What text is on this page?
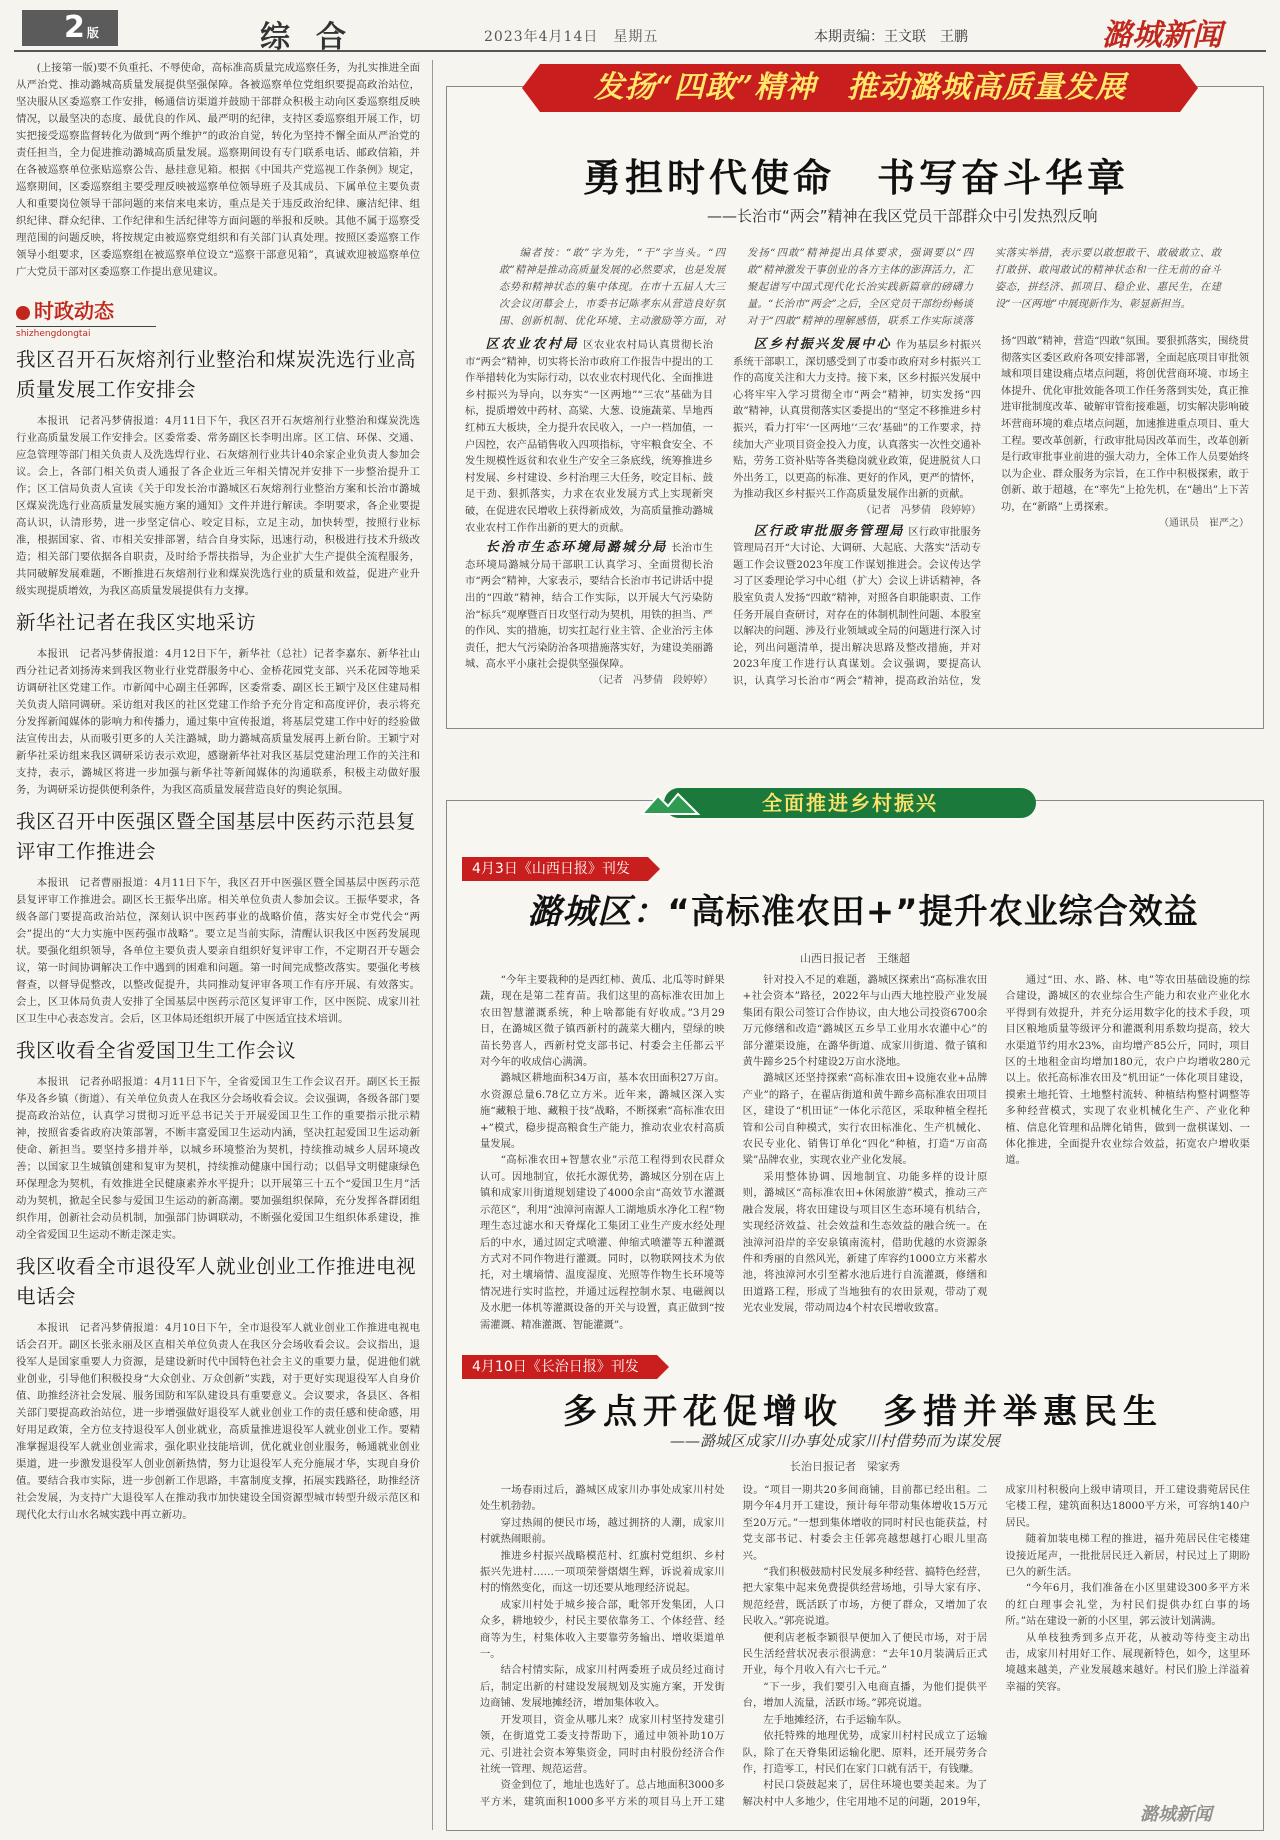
2 版	综合	2023年4月14日　星期五	本期责编：王文联　王鹏	潞城新闻

(上接第一版)要不负重托、不辱使命，高标准高质量完成巡察任务，为扎实推进全面从严治党、推动潞城高质量发展提供坚强保障。各被巡察单位党组织要提高政治站位，坚决服从区委巡察工作安排，畅通信访渠道并鼓励干部群众积极主动向区委巡察组反映情况，以最坚决的态度、最优良的作风、最严明的纪律，支持区委巡察组开展工作，切实把接受巡察监督转化为做到“两个维护”的政治自觉，转化为坚持不懈全面从严治党的责任担当，全力促进推动潞城高质量发展。巡察期间设有专门联系电话、邮政信箱，并在各被巡察单位张贴巡察公告、悬挂意见箱。根据《中国共产党巡视工作条例》规定，巡察期间，区委巡察组主要受理反映被巡察单位领导班子及其成员、下属单位主要负责人和重要岗位领导干部问题的来信来电来访，重点是关于违反政治纪律、廉洁纪律、组织纪律、群众纪律、工作纪律和生活纪律等方面问题的举报和反映。其他不属于巡察受理范围的问题反映，将按规定由被巡察党组织和有关部门认真处理。按照区委巡察工作领导小组要求，区委巡察组在被巡察单位设立“巡察干部意见箱”，真诚欢迎被巡察单位广大党员干部对区委巡察工作提出意见建议。

时政动态
shizhengdongtai
我区召开石灰熔剂行业整治和煤炭洗选行业高质量发展工作安排会

本报讯　记者冯梦倩报道：4月11日下午，我区召开石灰熔剂行业整治和煤炭洗选行业高质量发展工作安排会。区委常委、常务副区长李明出席。区工信、环保、交通、应急管理等部门相关负责人及洗选焊行业、石灰熔剂行业共计40余家企业负责人参加会议。会上，各部门相关负责人通报了各企业近三年相关情况并安排下一步整治提升工作；区工信局负责人宣读《关于印发长治市潞城区石灰熔剂行业整治方案和长治市潞城区煤炭洗选行业高质量发展实施方案的通知》文件并进行解读。李明要求，各企业要提高认识，认清形势，进一步坚定信心、咬定目标，立足主动，加快转型，按照行业标准，根据国家、省、市相关安排部署，结合自身实际，迅速行动，积极进行技术升级改造；相关部门要依据各自职责，及时给予帮扶指导，为企业扩大生产提供全流程服务，共同破解发展难题，不断推进石灰熔剂行业和煤炭洗选行业的质量和效益，促进产业升级实现提质增效，为我区高质量发展提供有力支撑。

新华社记者在我区实地采访

本报讯　记者冯梦倩报道：4月12日下午，新华社（总社）记者李嘉东、新华社山西分社记者刘扬涛来到我区物业行业党群服务中心、金桥花园党支部、兴禾花园等地采访调研社区党建工作。市新闻中心副主任郭晖，区委常委、副区长王颖宁及区住建局相关负责人陪同调研。采访组对我区的社区党建工作给予充分肯定和高度评价，表示将充分发挥新闻媒体的影响力和传播力，通过集中宣传报道，将基层党建工作中好的经验做法宣传出去，从而吸引更多的人关注潞城，助力潞城高质量发展再上新台阶。王颖宁对新华社采访组来我区调研采访表示欢迎，感谢新华社对我区基层党建治理工作的关注和支持，表示，潞城区将进一步加强与新华社等新闻媒体的沟通联系，积极主动做好服务，为调研采访提供便利条件，为我区高质量发展营造良好的舆论氛围。

我区召开中医强区暨全国基层中医药示范县复评审工作推进会

本报讯　记者曹丽报道：4月11日下午，我区召开中医强区暨全国基层中医药示范县复评审工作推进会。副区长王振华出席。相关单位负责人参加会议。王振华要求，各级各部门要提高政治站位，深刻认识中医药事业的战略价值，落实好全市党代会“两会”提出的“大力实施中医药强市战略”。要立足当前实际，清醒认识我区中医药发展现状。要强化组织领导，各单位主要负责人要亲自组织好复评审工作，不定期召开专题会议，第一时间协调解决工作中遇到的困难和问题。第一时间完成整改落实。要强化考核督查，以督导促整改，以整改促提升，共同推动复评审各项工作有序开展、有效落实。会上，区卫体局负责人安排了全国基层中医药示范区复评审工作，区中医院、成家川社区卫生中心表态发言。会后，区卫体局还组织开展了中医适宜技术培训。

我区收看全省爱国卫生工作会议

本报讯　记者孙昭报道：4月11日下午，全省爱国卫生工作会议召开。副区长王振华及各乡镇（街道）、有关单位负责人在我区分会场收看会议。会议强调，各级各部门要提高政治站位，认真学习贯彻习近平总书记关于开展爱国卫生工作的重要指示批示精神，按照省委省政府决策部署，不断丰富爱国卫生运动内涵，坚决扛起爱国卫生运动新使命、新担当。要坚持多措并举，以城乡环境整治为契机，持续推动城乡人居环境改善；以国家卫生城镇创建和复审为契机，持续推动健康中国行动；以倡导文明健康绿色环保理念为契机，有效推进全民健康素养水平提升；以开展第三十五个“爱国卫生月”活动为契机，掀起全民参与爱国卫生运动的新高潮。要加强组织保障，充分发挥各群团组织作用，创新社会动员机制，加强部门协调联动，不断强化爱国卫生组织体系建设，推动全省爱国卫生运动不断走深走实。

我区收看全市退役军人就业创业工作推进电视电话会

本报讯　记者冯梦倩报道：4月10日下午，全市退役军人就业创业工作推进电视电话会召开。副区长张永丽及区直相关单位负责人在我区分会场收看会议。会议指出，退役军人是国家重要人力资源，是建设新时代中国特色社会主义的重要力量，促进他们就业创业，引导他们积极投身“大众创业、万众创新”实践，对于更好实现退役军人自身价值、助推经济社会发展、服务国防和军队建设具有重要意义。会议要求，各县区、各相关部门要提高政治站位，进一步增强做好退役军人就业创业工作的责任感和使命感，用好用足政策，全方位支持退役军人创业就业，高质量推进退役军人就业创业工作。要精准掌握退役军人就业创业需求，强化职业技能培训，优化就业创业服务，畅通就业创业渠道，进一步激发退役军人创业创新热情，努力让退役军人充分施展才华，实现自身价值。要结合我市实际，进一步创新工作思路，丰富制度支撑，拓展实践路径，助推经济社会发展，为支持广大退役军人在推动我市加快建设全国资源型城市转型升级示范区和现代化太行山水名城实践中再立新功。

勇担时代使命　书写奋斗华章
——长治市“两会”精神在我区党员干部群众中引发热烈反响

编者按：“敢”字为先，“干”字当头。“四敢”精神是推动高质量发展的必然要求，也是发展态势和精神状态的集中体现。在市十五届人大三次会议闭幕会上，市委书记陈孝东从营造良好氛围、创新机制、优化环境、主动激励等方面，对发扬“四敢”精神提出具体要求，强调要以“四敢”精神激发干事创业的各方主体的澎湃活力，汇聚起谱写中国式现代化长治实践新篇章的磅礴力量。“长治市“两会”之后，全区党员干部纷纷畅谈对于“四敢”精神的理解感悟，联系工作实际谈落实落实举措，表示要以敢想敢干、敢破敢立、敢打敢拼、敢闯敢试的精神状态和一往无前的奋斗姿态，拼经济、抓项目、稳企业、惠民生，在建设“一区两地”中展现新作为、彰显新担当。

区农业农村局 区农业农村局认真贯彻长治市“两会”精神，切实将长治市政府工作报告中提出的工作举措转化为实际行动，以农业农村现代化、全面推进乡村振兴为导向，以夯实“一区两地”“三农”基础为目标，提质增效中药材、高粱、大葱、设施蔬菜、旱地西红柿五大板块，全力提升农民收入，一户一档加值，一户因控，农产品销售收入四项指标，守牢粮食安全、不发生规模性返贫和农业生产安全三条底线，统筹推进乡村发展、乡村建设、乡村治理三大任务，咬定目标、鼓足干劲、狠抓落实，力求在农业发展方式上实现新突破，在促进农民增收上获得新成效，为高质量推动潞城农业农村工作作出新的更大的贡献。

长治市生态环境局潞城分局 长治市生态环境局潞城分局干部职工认真学习、全面贯彻长治市“两会”精神，大家表示，要结合长治市书记讲话中提出的“四敢”精神，结合工作实际，以开展大气污染防治“标兵”观摩暨百日攻坚行动为契机，用铁的担当、严的作风、实的措施，切实扛起行业主管、企业治污主体责任，把大气污染防治各项措施落实好，为建设美丽潞城、高水平小康社会提供坚强保障。
（记者　冯梦倩　段婷婷）

区乡村振兴发展中心 作为基层乡村振兴系统干部职工，深切感受到了市委市政府对乡村振兴工作的高度关注和大力支持。接下来，区乡村振兴发展中心将牢牢入学习贯彻全市“两会”精神，切实发扬“四敢”精神，认真贯彻落实区委提出的“坚定不移推进乡村振兴，看力打牢‘一区两地’‘三农’基础”的工作要求，持续加大产业项目资金投入力度，认真落实一次性交通补贴，劳务工资补贴等各类稳岗就业政策，促进脱贫人口外出务工，以更高的标准、更好的作风，更严的情怀，为推动我区乡村振兴工作高质量发展作出新的贡献。
（记者　冯梦倩　段婷婷）

区行政审批服务管理局 区行政审批服务管理局召开“大讨论、大调研、大起底、大落实”活动专题工作会议暨2023年度工作谋划推进会。会议传达学习了区委理论学习中心组（扩大）会议上讲话精神，各股室负责人发扬“四敢”精神，对照各自职能职责、工作任务开展自查研讨，对存在的体制机制性问题、本股室以解决的问题、涉及行业领域或全局的问题进行深入讨论，列出问题清单，提出解决思路及整改措施，并对2023年度工作进行认真谋划。会议强调，要提高认识，认真学习长治市“两会”精神，提高政治站位，发扬“四敢”精神，营造“四敢”氛围。要狠抓落实，围绕贯彻落实区委区政府各项安排部署，全面起底项目审批领域和项目建设痛点堵点问题，将创优营商环境、市场主体提升、优化审批效能各项工作任务落到实处，真正推进审批制度改革、破解审管衔接难题，切实解决影响破坏营商环境的难点堵点问题，加速推进重点项目、重大工程。要改革创新，行政审批局因改革而生，改革创新是行政审批事业前进的强大动力，全体工作人员要始终以为企业、群众服务为宗旨，在工作中积极探索，敢于创新、敢于超越，在“率先”上抢先机，在“趟出”上下苦功，在“新路”上勇探索。
（通讯员　崔严之）

发扬“四敢”精神　推动潞城高质量发展
全面推进乡村振兴
4月3日《山西日报》刊发
潞城区：“高标准农田+”提升农业综合效益
山西日报记者　王继超

“今年主要栽种的是西红柿、黄瓜、北瓜等时鲜果蔬，现在是第二茬育苗。我们这里的高标准农田加上农田智慧灌溉系统，种上啥都能有好收成。”3月29日，在潞城区微子镇西新村的蔬菜大棚内，望绿的映苗长势喜人，西新村党支部书记、村委会主任都云平对今年的收成信心满满。

潞城区耕地面积34万亩，基本农田面积27万亩。水资源总量6.78亿立方米。近年来，潞城区深入实施“藏粮于地、藏粮于技”战略，不断探索“高标准农田+”模式，稳步提高粮食生产能力，推动农业农村高质量发展。

“高标准农田+智慧农业”示范工程得到农民群众认可。因地制宜，依托水源优势，潞城区分别在店上镇和成家川街道规划建设了4000余亩“高效节水灌溉示范区”，利用“浊漳河南源人工湖地质水净化工程”物理生态过滤水和天脊煤化工集团工业生产废水经处理后的中水，通过固定式喷灌、伸缩式喷灌等五种灌溉方式对不同作物进行灌溉。同时，以物联网技术为依托，对土壤墒情、温度湿度、光照等作物生长环境等情况进行实时监控，并通过远程控制水泵、电磁阀以及水肥一体机等灌溉设备的开关与设置，真正做到“按需灌溉、精准灌溉、智能灌溉”。

针对投入不足的难题，潞城区探索出“高标准农田+社会资本”路径，2022年与山西大地控股产业发展集团有限公司签订合作协议，由大地公司投资6700余万元修缮和改造“潞城区五乡旱工业用水农灌中心”的部分灌渠设施，在潞华街道、成家川街道、微子镇和黄牛蹄乡25个村建设2万亩水浇地。

潞城区还坚持探索“高标准农田+设施农业+品牌产业”的路子，在翟店街道和黄牛蹄乡高标准农田项目区，建设了“机田证”一体化示范区，采取种植全程托管和公司自种模式，实行农田标准化、生产机械化、农民专业化、销售订单化“四化”种植，打造“万亩高粱”品牌农业，实现农业产业化发展。

采用整体协调、因地制宜、功能多样的设计原则，潞城区“高标准农田+休闲旅游”模式，推动三产融合发展，将农田建设与项目区生态环境有机结合，实现经济效益、社会效益和生态效益的融合统一。在浊漳河沿岸的辛安泉镇南流村，借助优越的水资源条件和秀丽的自然风光，新建了库容约1000立方米蓄水池，将浊漳河水引至蓄水池后进行自流灌溉，修缮和田道路工程，形成了当地独有的农田景观，带动了观光农业发展，带动周边4个村农民增收致富。

通过“田、水、路、林、电”等农田基础设施的综合建设，潞城区的农业综合生产能力和农业产业化水平得到有效提升，并充分运用数字化的技术手段，项目区粮地质量等级评分和灌溉利用系数均提高，较大水渠道节约用水23%，亩均增产85公斤，同时，项目区的土地租金亩均增加180元，农户户均增收280元以上。依托高标准农田及“机田证”一体化项目建设，摸索土地托管、土地整村流转、种植结构整村调整等多种经营模式，实现了农业机械化生产、产业化种植、信息化管理和品牌化销售，做到一盘棋谋划、一体化推进，全面提升农业综合效益，拓宽农户增收渠道。

4月10日《长治日报》刊发
多点开花促增收　多措并举惠民生
——潞城区成家川办事处成家川村借势而为谋发展
长治日报记者　梁家秀

一场春雨过后，潞城区成家川办事处成家川村处处生机勃勃。

穿过热闹的便民市场，越过拥挤的人潮，成家川村就热闹眼前。

推进乡村振兴战略模范村、红旗村党组织、乡村振兴先进村……一项项荣誉熠熠生辉，诉说着成家川村的惰然变化，而这一切还要从地理经济说起。

成家川村处于城乡接合部，毗邻开发集团，人口众多，耕地较少，村民主要依靠务工、个体经营、经商等为生，村集体收入主要靠劳务输出、增收渠道单一。

结合村情实际，成家川村两委班子成员经过商讨后，制定出新的村建设发展规划及实施方案，开发街边商铺、发展地摊经济，增加集体收入。

开发项目，资金从哪儿来？成家川村坚持发建引领，在街道党工委支持帮助下，通过申领补助10万元、引进社会资本筹集资金，同时由村股份经济合作社统一管理、规范运营。

资金到位了，地址也选好了。总占地面积3000多平方米，建筑面积1000多平方米的项目马上开工建设。“项目一期共20多间商铺，目前都已经出租。二期今年4月开工建设，预计每年带动集体增收15万元至20万元。”一想到集体增收的同时村民也能获益，村党支部书记、村委会主任郭亮越想越打心眼儿里高兴。

“我们积极鼓励村民发展多种经营、搞特色经营，把大家集中起来免费提供经营场地，引导大家有序、规范经营，既活跃了市场，方便了群众，又增加了农民收入。”郭亮说道。

便利店老板李颖很早便加入了便民市场，对于居民生活经营状况表示很满意：“去年10月装满后正式开业，每个月收入有六七千元。”

“下一步，我们要引入电商直播，为他们提供平台，增加人流量，活跃市场。”郭亮说道。

左手地摊经济，右手运输车队。

依托特殊的地理优势，成家川村村民成立了运输队，除了在天脊集团运输化肥、原料，还开展劳务合作，打造零工，村民们在家门口就有活干，有钱赚。

村民口袋鼓起来了，居住环境也要美起来。为了解决村中人多地少，住宅用地不足的问题，2019年，成家川村积极向上级申请项目，开工建设翡菀居民住宅楼工程，建筑面积达18000平方米，可容纳140户居民。

随着加装电梯工程的推进，福升苑居民住宅楼建设接近尾声，一批批居民迁入新居，村民过上了期盼已久的新生活。

“今年6月，我们准备在小区里建设300多平方米的红白理事会礼堂，为村民们提供办红白事的场所。”站在建设一新的小区里，郭云波计划满满。

从单枝独秀到多点开花，从被动等待变主动出击，成家川村用好工作、展现新特色，如今，这里环境越来越美，产业发展越来越好。村民们脸上洋溢着幸福的笑容。

潞城新闻
